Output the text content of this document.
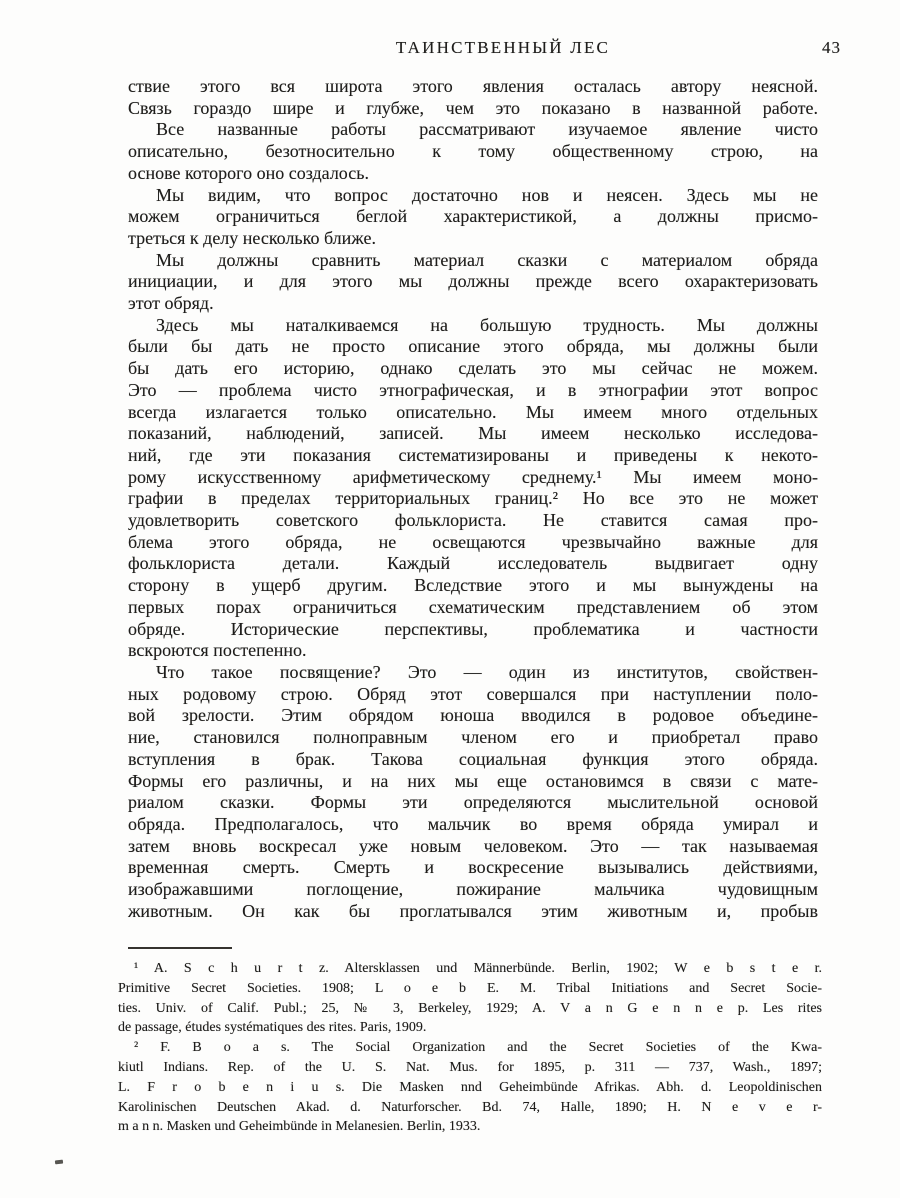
ТАИНСТВЕННЫЙ ЛЕС	43
ствие этого вся широта этого явления осталась автору неясной.
Связь гораздо шире и глубже, чем это показано в названной работе.
Все названные работы рассматривают изучаемое явление чисто
описательно, безотносительно к тому общественному строю, на
основе которого оно создалось.
Мы видим, что вопрос достаточно нов и неясен. Здесь мы не
можем ограничиться беглой характеристикой, а должны присмо-
треться к делу несколько ближе.
Мы должны сравнить материал сказки с материалом обряда
инициации, и для этого мы должны прежде всего охарактеризовать
этот обряд.
Здесь мы наталкиваемся на большую трудность. Мы должны
были бы дать не просто описание этого обряда, мы должны были
бы дать его историю, однако сделать это мы сейчас не можем.
Это — проблема чисто этнографическая, и в этнографии этот вопрос
всегда излагается только описательно. Мы имеем много отдельных
показаний, наблюдений, записей. Мы имеем несколько исследова-
ний, где эти показания систематизированы и приведены к некото-
рому искусственному арифметическому среднему.¹ Мы имеем моно-
графии в пределах территориальных границ.² Но все это не может
удовлетворить советского фольклориста. Не ставится самая про-
блема этого обряда, не освещаются чрезвычайно важные для
фольклориста детали. Каждый исследователь выдвигает одну
сторону в ущерб другим. Вследствие этого и мы вынуждены на
первых порах ограничиться схематическим представлением об этом
обряде. Исторические перспективы, проблематика и частности
вскроются постепенно.
Что такое посвящение? Это — один из институтов, свойствен-
ных родовому строю. Обряд этот совершался при наступлении поло-
вой зрелости. Этим обрядом юноша вводился в родовое объедине-
ние, становился полноправным членом его и приобретал право
вступления в брак. Такова социальная функция этого обряда.
Формы его различны, и на них мы еще остановимся в связи с мате-
риалом сказки. Формы эти определяются мыслительной основой
обряда. Предполагалось, что мальчик во время обряда умирал и
затем вновь воскресал уже новым человеком. Это — так называемая
временная смерть. Смерть и воскресение вызывались действиями,
изображавшими поглощение, пожирание мальчика чудовищным
животным. Он как бы проглатывался этим животным и, пробыв
¹ A. S c h u r t z. Altersklassen und Männerbünde. Berlin, 1902; W e b s t e r.
Primitive Secret Societies. 1908; L o e b E. M. Tribal Initiations and Secret Socie-
ties. Univ. of Calif. Publ.; 25, № 3, Berkeley, 1929; A. V a n G e n n e p. Les rites
de passage, études systématiques des rites. Paris, 1909.
² F. B o a s. The Social Organization and the Secret Societies of the Kwa-
kiutl Indians. Rep. of the U. S. Nat. Mus. for 1895, p. 311 — 737, Wash., 1897;
L. F r o b e n i u s. Die Masken nnd Geheimbünde Afrikas. Abh. d. Leopoldinischen
Karolinischen Deutschen Akad. d. Naturforscher. Bd. 74, Halle, 1890; H. N e v e r-
m a n n. Masken und Geheimbünde in Melanesien. Berlin, 1933.
